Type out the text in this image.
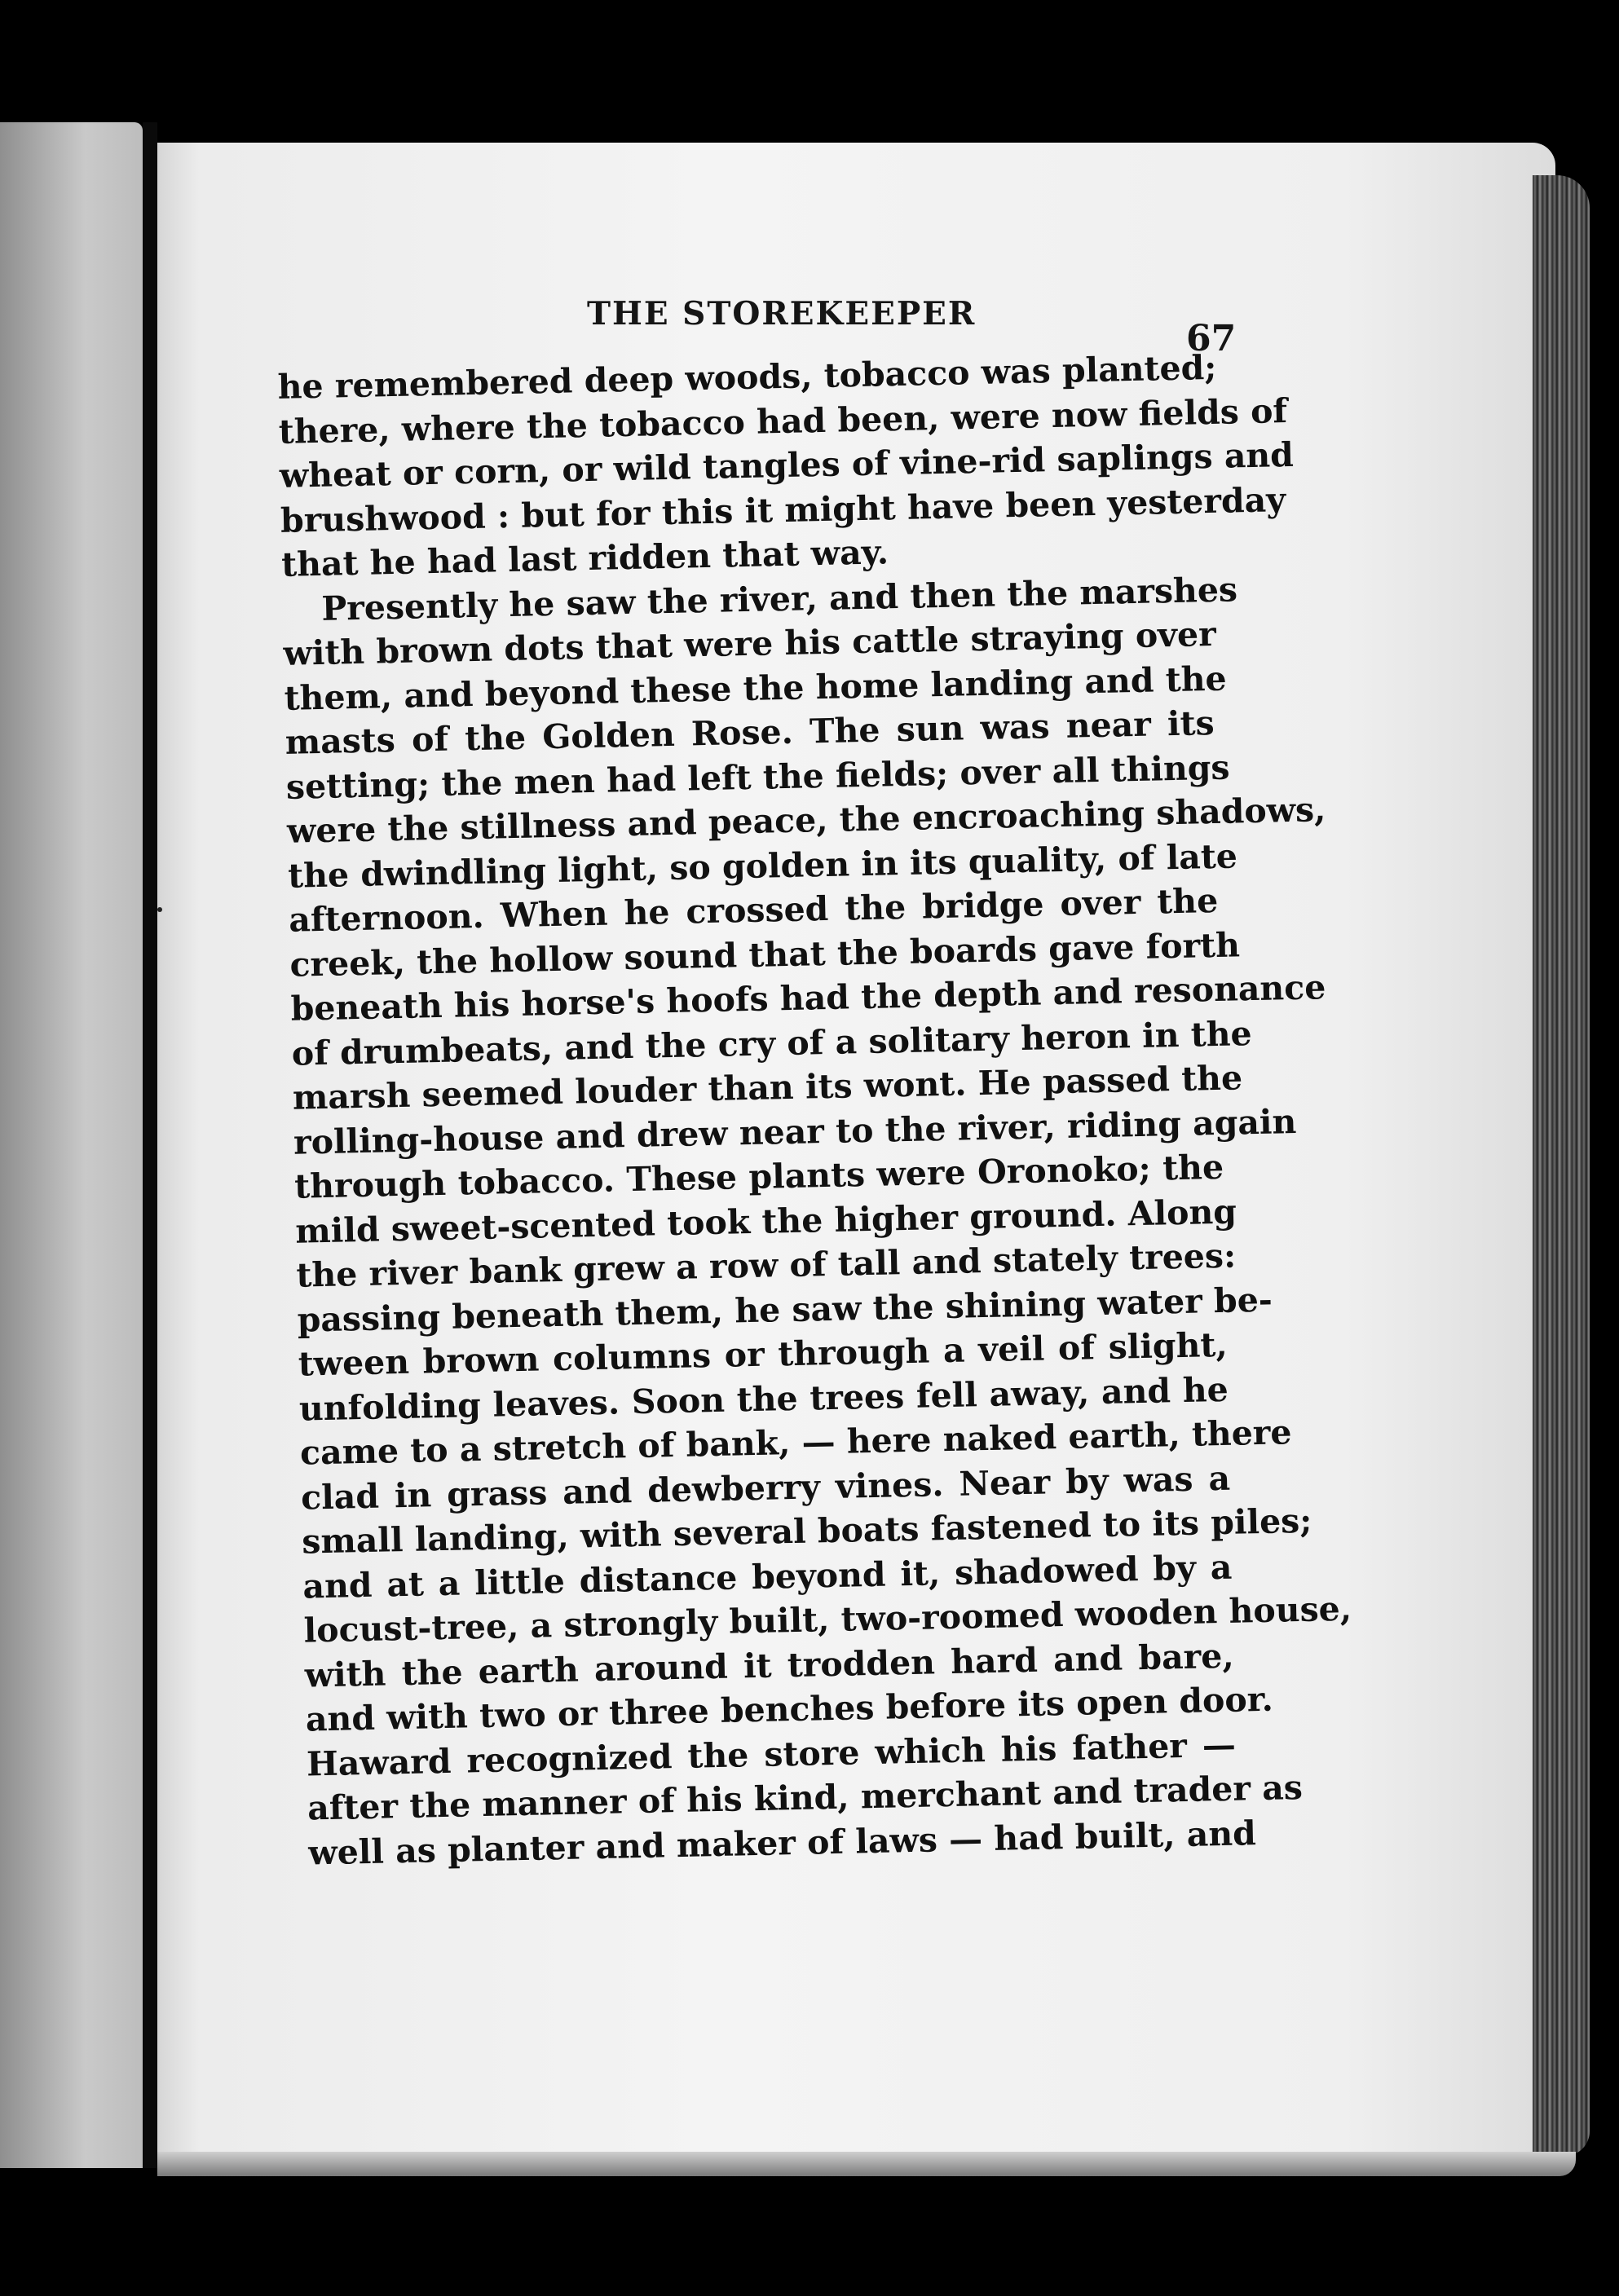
THE STOREKEEPER
67
he remembered deep woods, tobacco was planted;
there, where the tobacco had been, were now fields of
wheat or corn, or wild tangles of vine-rid saplings and
brushwood : but for this it might have been yesterday
that he had last ridden that way.
Presently he saw the river, and then the marshes
with brown dots that were his cattle straying over
them, and beyond these the home landing and the
masts of the Golden Rose. The sun was near its
setting; the men had left the fields; over all things
were the stillness and peace, the encroaching shadows,
the dwindling light, so golden in its quality, of late
afternoon. When he crossed the bridge over the
creek, the hollow sound that the boards gave forth
beneath his horse's hoofs had the depth and resonance
of drumbeats, and the cry of a solitary heron in the
marsh seemed louder than its wont. He passed the
rolling-house and drew near to the river, riding again
through tobacco. These plants were Oronoko; the
mild sweet-scented took the higher ground. Along
the river bank grew a row of tall and stately trees:
passing beneath them, he saw the shining water be-
tween brown columns or through a veil of slight,
unfolding leaves. Soon the trees fell away, and he
came to a stretch of bank, — here naked earth, there
clad in grass and dewberry vines. Near by was a
small landing, with several boats fastened to its piles;
and at a little distance beyond it, shadowed by a
locust-tree, a strongly built, two-roomed wooden house,
with the earth around it trodden hard and bare,
and with two or three benches before its open door.
Haward recognized the store which his father —
after the manner of his kind, merchant and trader as
well as planter and maker of laws — had built, and
